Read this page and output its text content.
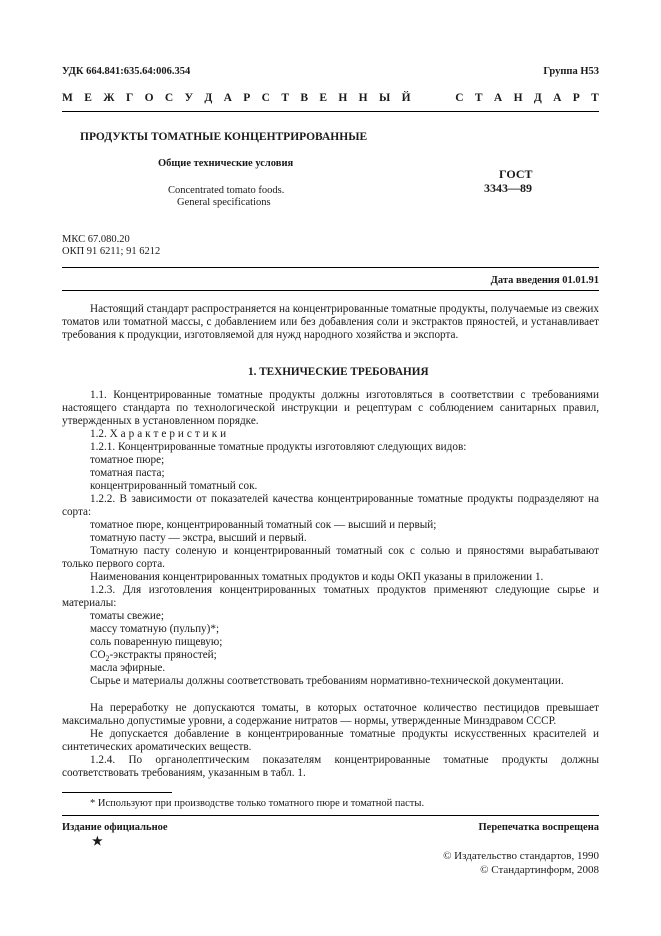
УДК 664.841:635.64:006.354	Группа Н53
М Е Ж Г О С У Д А Р С Т В Е Н Н Ы Й	С Т А Н Д А Р Т
ПРОДУКТЫ ТОМАТНЫЕ КОНЦЕНТРИРОВАННЫЕ
Общие технические условия
Concentrated tomato foods.
General specifications
ГОСТ
3343—89
МКС 67.080.20
ОКП 91 6211; 91 6212
Дата введения 01.01.91
Настоящий стандарт распространяется на концентрированные томатные продукты, получаемые из свежих томатов или томатной массы, с добавлением или без добавления соли и экстрактов пряностей, и устанавливает требования к продукции, изготовляемой для нужд народного хозяйства и экспорта.
1. ТЕХНИЧЕСКИЕ ТРЕБОВАНИЯ
1.1. Концентрированные томатные продукты должны изготовляться в соответствии с требованиями настоящего стандарта по технологической инструкции и рецептурам с соблюдением санитарных правил, утвержденных в установленном порядке.
1.2. Характеристики
1.2.1. Концентрированные томатные продукты изготовляют следующих видов:
томатное пюре;
томатная паста;
концентрированный томатный сок.
1.2.2. В зависимости от показателей качества концентрированные томатные продукты подразделяют на сорта:
томатное пюре, концентрированный томатный сок — высший и первый;
томатную пасту — экстра, высший и первый.
Томатную пасту соленую и концентрированный томатный сок с солью и пряностями вырабатывают только первого сорта.
Наименования концентрированных томатных продуктов и коды ОКП указаны в приложении 1.
1.2.3. Для изготовления концентрированных томатных продуктов применяют следующие сырье и материалы:
томаты свежие;
массу томатную (пульпу)*;
соль поваренную пищевую;
$CO_2$-экстракты пряностей;
масла эфирные.
Сырье и материалы должны соответствовать требованиям нормативно-технической документации.
На переработку не допускаются томаты, в которых остаточное количество пестицидов превышает максимально допустимые уровни, а содержание нитратов — нормы, утвержденные Минздравом СССР.
Не допускается добавление в концентрированные томатные продукты искусственных красителей и синтетических ароматических веществ.
1.2.4. По органолептическим показателям концентрированные томатные продукты должны соответствовать требованиям, указанным в табл. 1.
* Используют при производстве только томатного пюре и томатной пасты.
Издание официальное
★
Перепечатка воспрещена
© Издательство стандартов, 1990
© Стандартинформ, 2008
